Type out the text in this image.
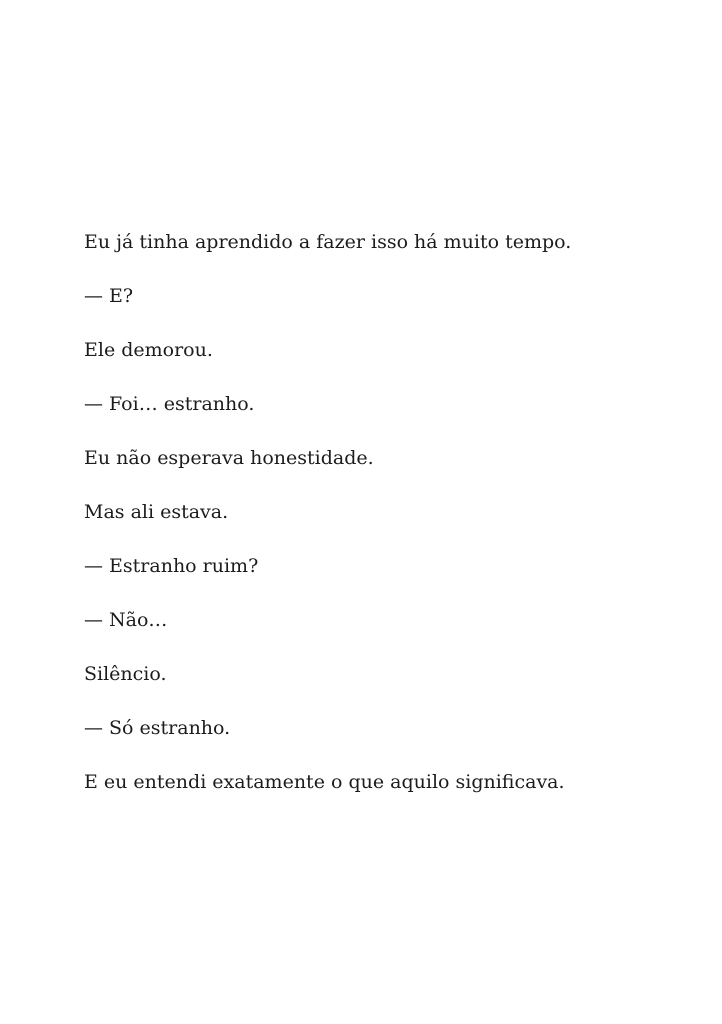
Eu já tinha aprendido a fazer isso há muito tempo.

— E?

Ele demorou.

— Foi… estranho.

Eu não esperava honestidade.

Mas ali estava.

— Estranho ruim?

— Não…

Silêncio.

— Só estranho.

E eu entendi exatamente o que aquilo significava.
